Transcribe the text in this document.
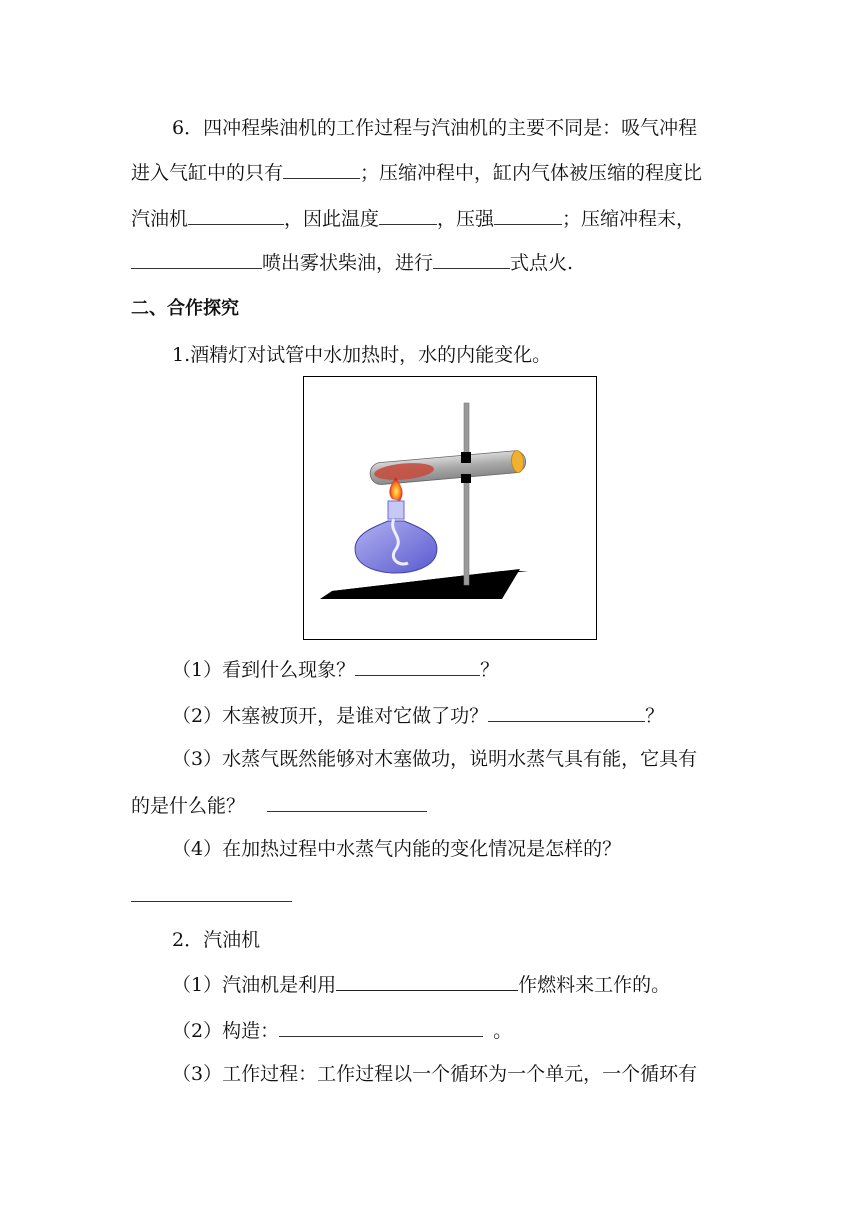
6．四冲程柴油机的工作过程与汽油机的主要不同是：吸气冲程
进入气缸中的只有	；压缩冲程中，缸内气体被压缩的程度比
汽油机	，因此温度	，压强	；压缩冲程末，
喷出雾状柴油，进行	式点火.
二、合作探究
1.酒精灯对试管中水加热时，水的内能变化。
（1）看到什么现象？	？
（2）木塞被顶开，是谁对它做了功？	？
（3）水蒸气既然能够对木塞做功，说明水蒸气具有能，它具有
的是什么能？
（4）在加热过程中水蒸气内能的变化情况是怎样的？
2．汽油机
（1）汽油机是利用	作燃料来工作的。
（2）构造：	。
（3）工作过程：工作过程以一个循环为一个单元，一个循环有
